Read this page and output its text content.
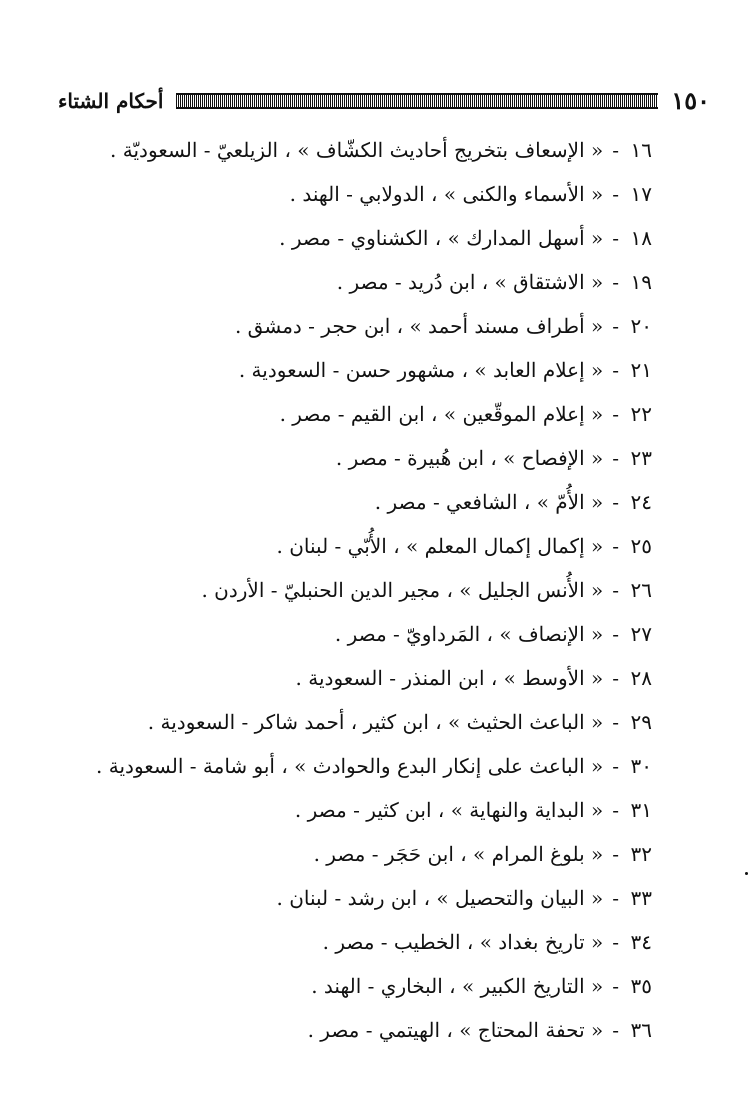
١٥٠
أحكام الشتاء
١٦-« الإسعاف بتخريج أحاديث الكشّاف » ، الزيلعيّ - السعوديّة .
١٧-« الأسماء والكنى » ، الدولابي - الهند .
١٨-« أسهل المدارك » ، الكشناوي - مصر .
١٩-« الاشتقاق » ، ابن دُريد - مصر .
٢٠-« أطراف مسند أحمد » ، ابن حجر - دمشق .
٢١-« إعلام العابد » ، مشهور حسن - السعودية .
٢٢-« إعلام الموقّعين » ، ابن القيم - مصر .
٢٣-« الإفصاح » ، ابن هُبيرة - مصر .
٢٤-« الأُمّ » ، الشافعي - مصر .
٢٥-« إكمال إكمال المعلم » ، الأُبّي - لبنان .
٢٦-« الأُنس الجليل » ، مجير الدين الحنبليّ - الأردن .
٢٧-« الإنصاف » ، المَرداويّ - مصر .
٢٨-« الأوسط » ، ابن المنذر - السعودية .
٢٩-« الباعث الحثيث » ، ابن كثير ، أحمد شاكر - السعودية .
٣٠-« الباعث على إنكار البدع والحوادث » ، أبو شامة - السعودية .
٣١-« البداية والنهاية » ، ابن كثير - مصر .
٣٢-« بلوغ المرام » ، ابن حَجَر - مصر .
٣٣-« البيان والتحصيل » ، ابن رشد - لبنان .
٣٤-« تاريخ بغداد » ، الخطيب - مصر .
٣٥-« التاريخ الكبير » ، البخاري - الهند .
٣٦-« تحفة المحتاج » ، الهيتمي - مصر .
